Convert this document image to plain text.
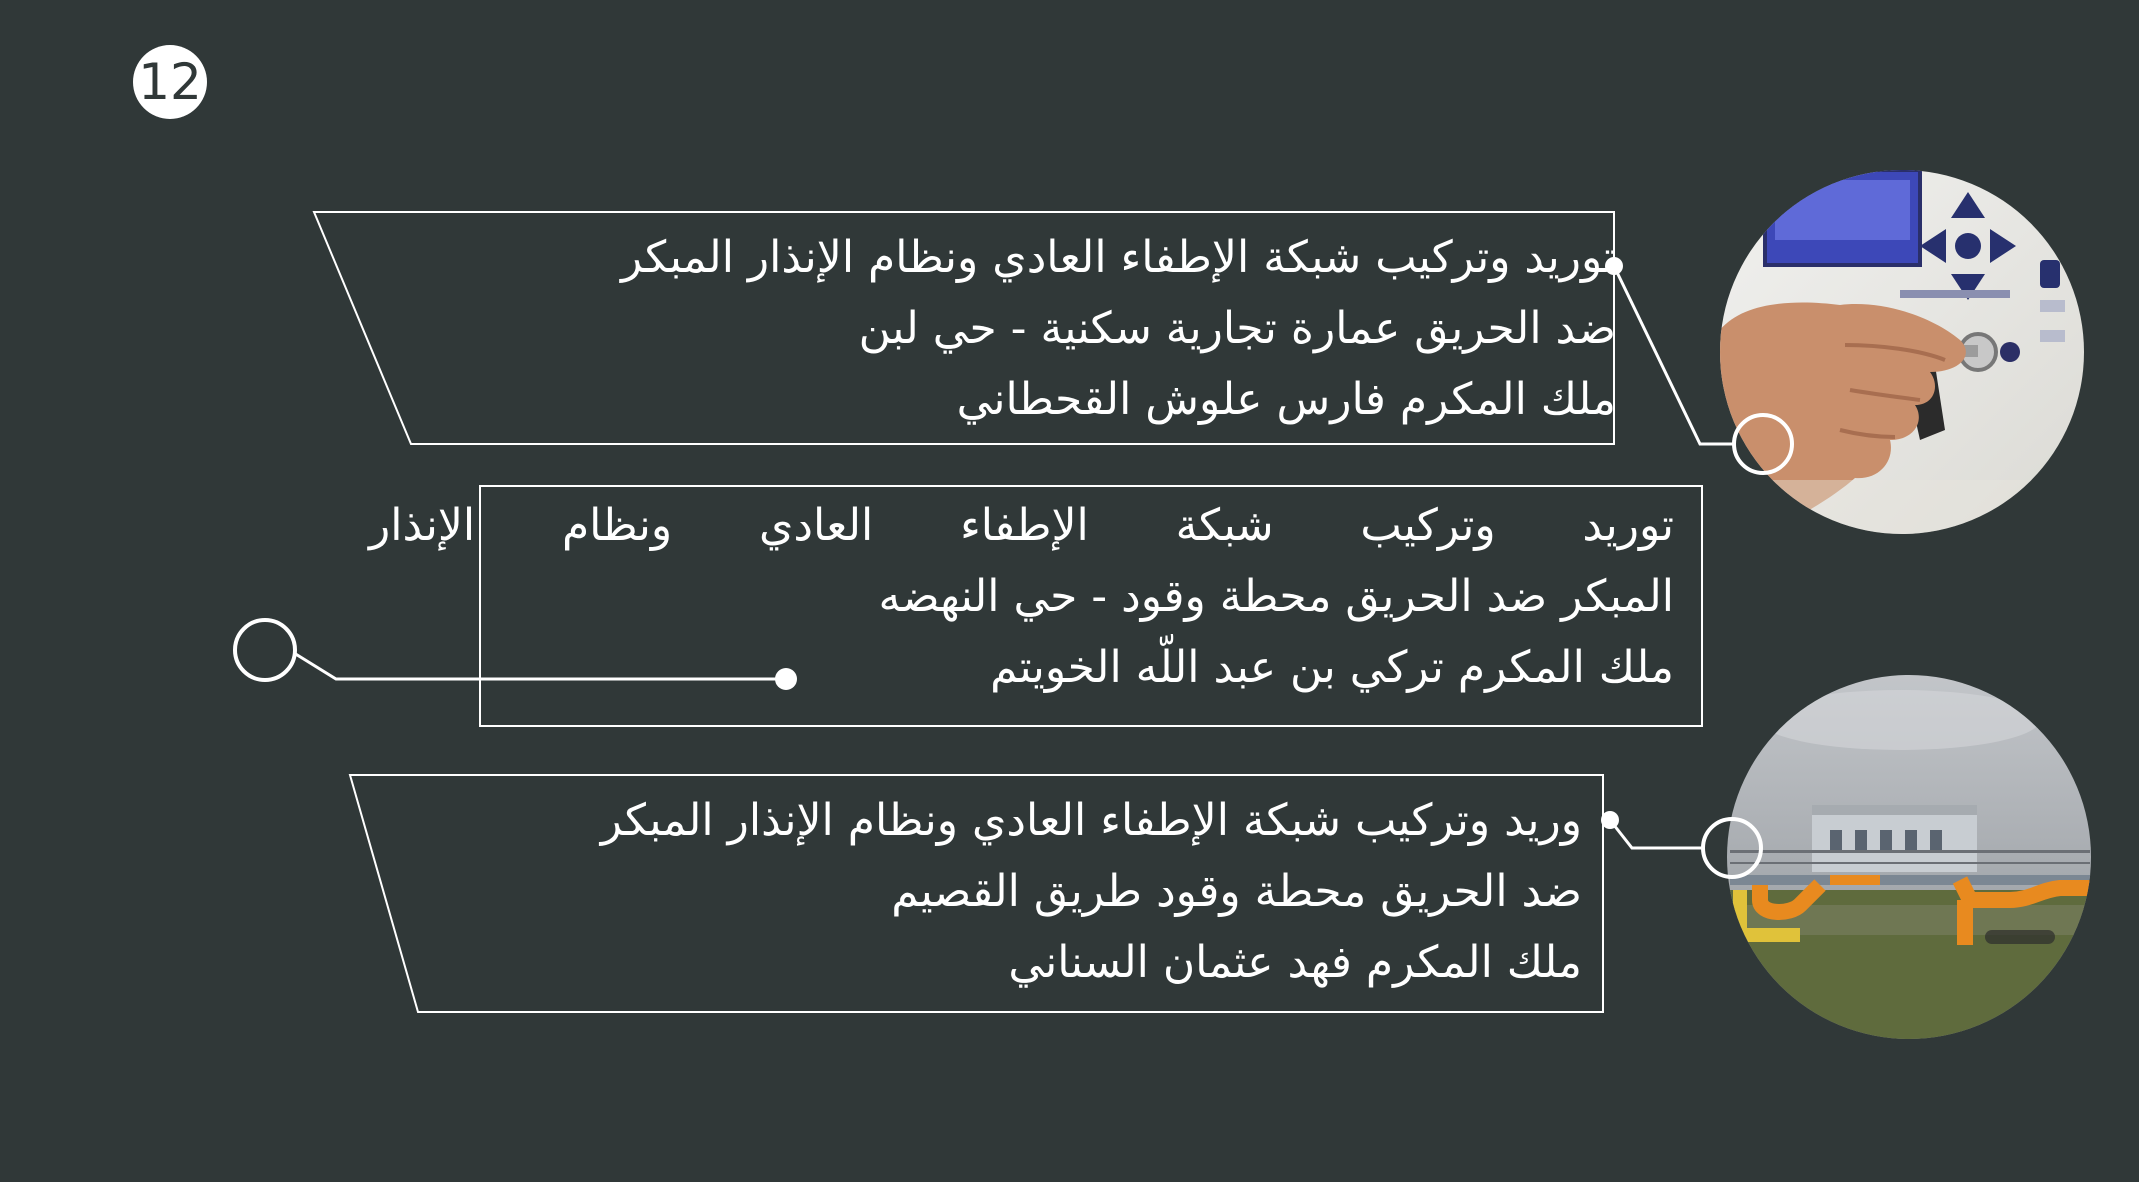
12
توريد وتركيب شبكة الإطفاء العادي ونظام الإنذار المبكر
ضد الحريق عمارة تجارية سكنية - حي لبن
ملك المكرم فارس علوش القحطاني
توريد وتركيب شبكة الإطفاء العادي ونظام الإنذار
المبكر ضد الحريق محطة وقود - حي النهضه
ملك المكرم تركي بن عبد اللّه الخويتم
وريد وتركيب شبكة الإطفاء العادي ونظام الإنذار المبكر
ضد الحريق محطة وقود طريق القصيم
ملك المكرم فهد عثمان السناني
